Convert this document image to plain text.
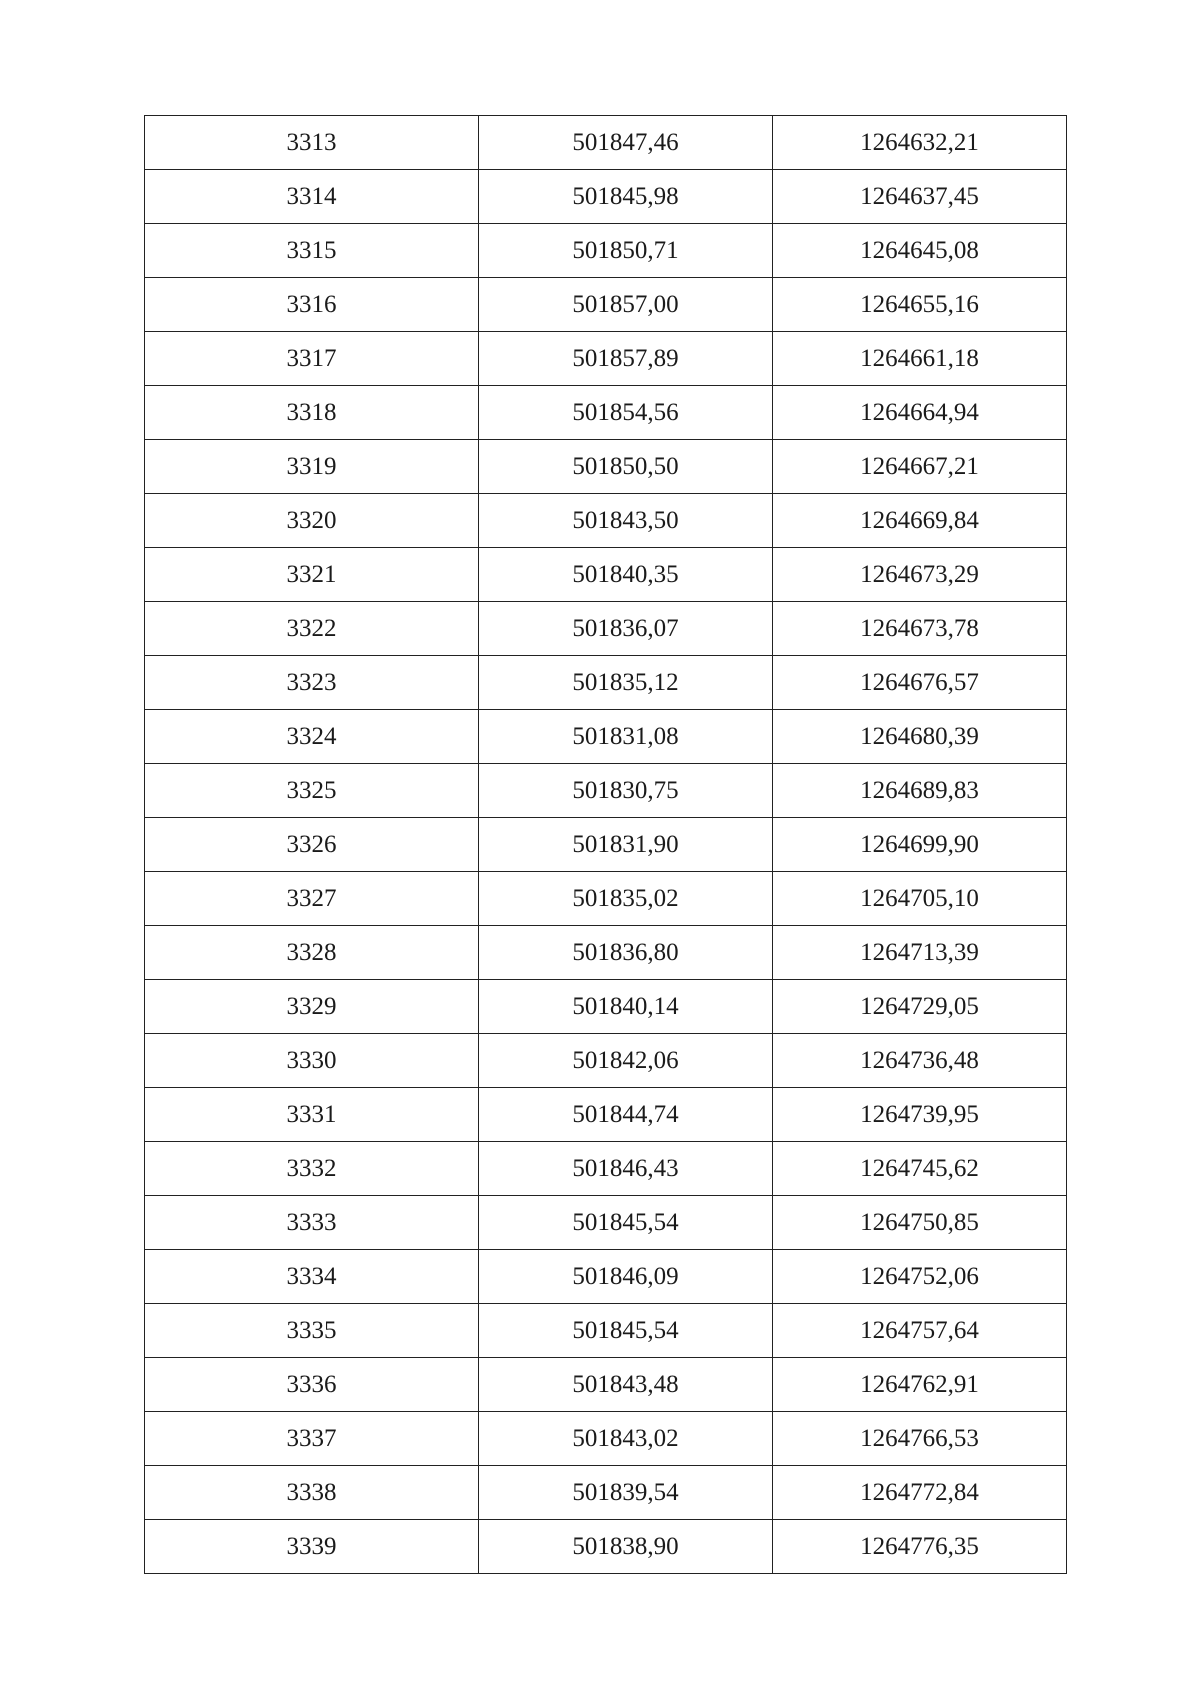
3313	501847,46	1264632,21
3314	501845,98	1264637,45
3315	501850,71	1264645,08
3316	501857,00	1264655,16
3317	501857,89	1264661,18
3318	501854,56	1264664,94
3319	501850,50	1264667,21
3320	501843,50	1264669,84
3321	501840,35	1264673,29
3322	501836,07	1264673,78
3323	501835,12	1264676,57
3324	501831,08	1264680,39
3325	501830,75	1264689,83
3326	501831,90	1264699,90
3327	501835,02	1264705,10
3328	501836,80	1264713,39
3329	501840,14	1264729,05
3330	501842,06	1264736,48
3331	501844,74	1264739,95
3332	501846,43	1264745,62
3333	501845,54	1264750,85
3334	501846,09	1264752,06
3335	501845,54	1264757,64
3336	501843,48	1264762,91
3337	501843,02	1264766,53
3338	501839,54	1264772,84
3339	501838,90	1264776,35
